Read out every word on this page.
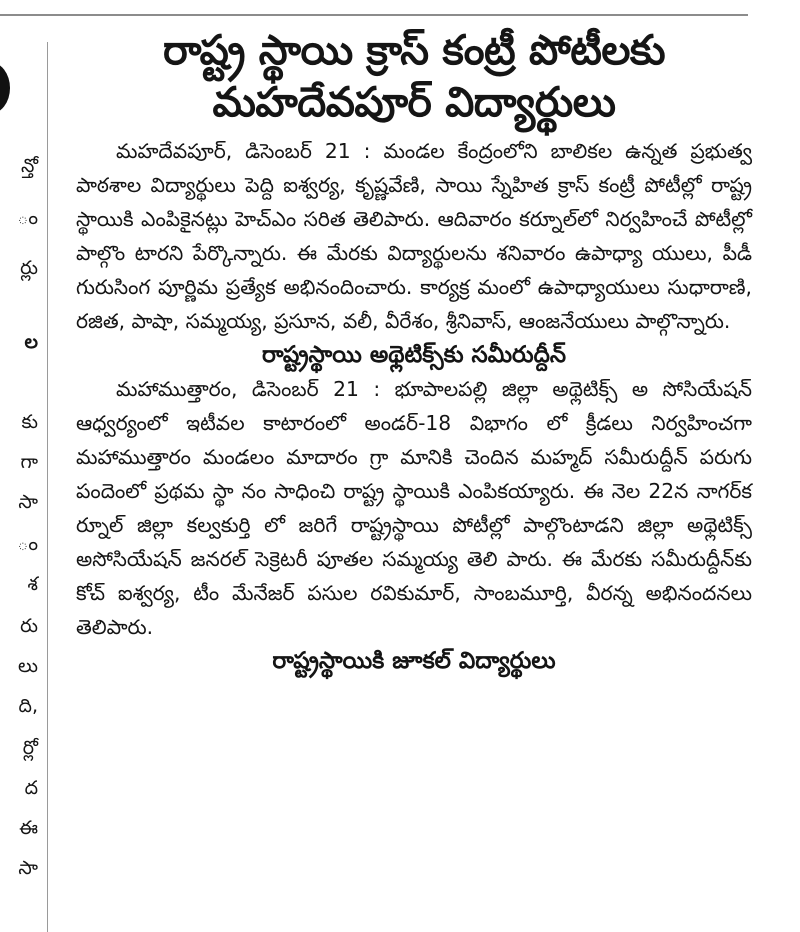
న్తో
ం
ర్లు
ల
కు
గా
సా
ం
శ
రు
లు
ది,
ర్లో
ద
ఈ
సా
రాష్ట్ర స్థాయి క్రాస్ కంట్రీ పోటీలకు
మహదేవపూర్ విద్యార్థులు

మహదేవపూర్, డిసెంబర్ 21 : మండల కేంద్రంలోని బాలికల ఉన్నత ప్రభుత్వ పాఠశాల విద్యార్థులు పెద్ది ఐశ్వర్య, కృష్ణవేణి, సాయి స్నేహిత క్రాస్ కంట్రీ పోటీల్లో రాష్ట్ర స్థాయికి ఎంపికైనట్లు హెచ్ఎం సరిత తెలిపారు. ఆదివారం కర్నూల్‌లో నిర్వహించే పోటీల్లో పాల్గొం టారని పేర్కొన్నారు. ఈ మేరకు విద్యార్థులను శనివారం ఉపాధ్యా యులు, పీడీ గురుసింగ పూర్ణిమ ప్రత్యేక అభినందించారు. కార్యక్ర మంలో ఉపాధ్యాయులు సుధారాణి, రజిత, పాషా, సమ్మయ్య, ప్రసూన, వలీ, వీరేశం, శ్రీనివాస్, ఆంజనేయులు పాల్గొన్నారు.

రాష్ట్రస్థాయి అథ్లెటిక్స్‌కు సమీరుద్దీన్

మహాముత్తారం, డిసెంబర్ 21 : భూపాలపల్లి జిల్లా అథ్లెటిక్స్ అ సోసియేషన్ ఆధ్వర్యంలో ఇటీవల కాటారంలో అండర్-18 విభాగం లో క్రీడలు నిర్వహించగా మహాముత్తారం మండలం మాదారం గ్రా మానికి చెందిన మహ్మద్ సమీరుద్దీన్ పరుగు పందెంలో ప్రథమ స్థా నం సాధించి రాష్ట్ర స్థాయికి ఎంపికయ్యారు. ఈ నెల 22న నాగర్‌క ర్నూల్ జిల్లా కల్వకుర్తి లో జరిగే రాష్ట్రస్థాయి పోటీల్లో పాల్గొంటాడని జిల్లా అథ్లెటిక్స్ అసోసియేషన్ జనరల్ సెక్రెటరీ పూతల సమ్మయ్య తెలి పారు. ఈ మేరకు సమీరుద్దీన్‌కు కోచ్ ఐశ్వర్య, టీం మేనేజర్ పసుల రవికుమార్, సాంబమూర్తి, వీరన్న అభినందనలు తెలిపారు.

రాష్ట్రస్థాయికి జూకల్ విద్యార్థులు
